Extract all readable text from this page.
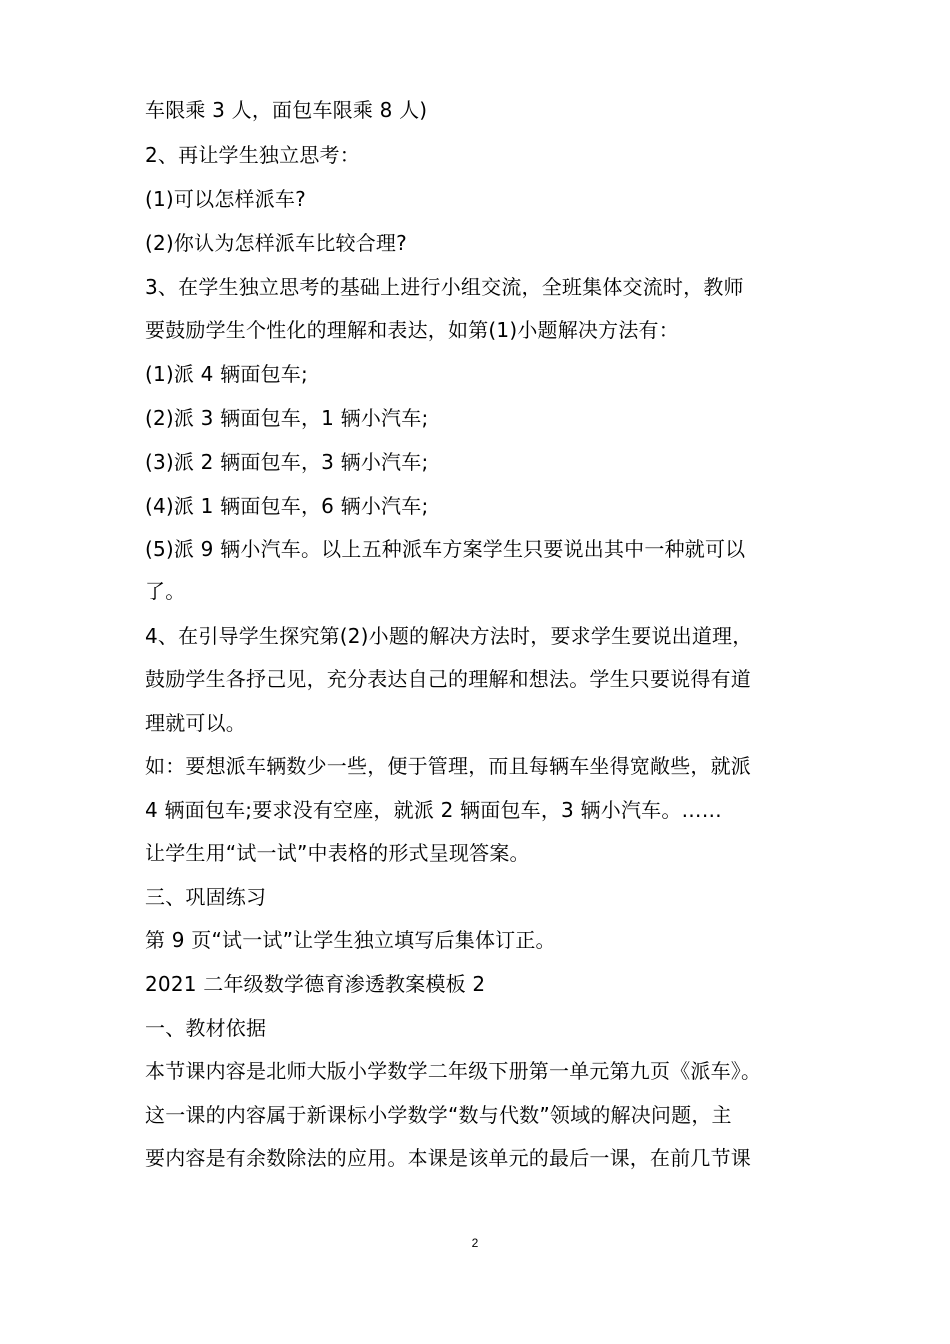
车限乘 3 人，面包车限乘 8 人)
2、再让学生独立思考：
(1)可以怎样派车?
(2)你认为怎样派车比较合理?
3、在学生独立思考的基础上进行小组交流，全班集体交流时，教师
要鼓励学生个性化的理解和表达，如第(1)小题解决方法有：
(1)派 4 辆面包车;
(2)派 3 辆面包车，1 辆小汽车;
(3)派 2 辆面包车，3 辆小汽车;
(4)派 1 辆面包车，6 辆小汽车;
(5)派 9 辆小汽车。以上五种派车方案学生只要说出其中一种就可以
了。
4、在引导学生探究第(2)小题的解决方法时，要求学生要说出道理，
鼓励学生各抒己见，充分表达自己的理解和想法。学生只要说得有道
理就可以。
如：要想派车辆数少一些，便于管理，而且每辆车坐得宽敞些，就派
4 辆面包车;要求没有空座，就派 2 辆面包车，3 辆小汽车。……
让学生用“试一试”中表格的形式呈现答案。
三、巩固练习
第 9 页“试一试”让学生独立填写后集体订正。
2021 二年级数学德育渗透教案模板 2
一、教材依据
本节课内容是北师大版小学数学二年级下册第一单元第九页《派车》。
这一课的内容属于新课标小学数学“数与代数”领域的解决问题，主
要内容是有余数除法的应用。本课是该单元的最后一课，在前几节课
2
